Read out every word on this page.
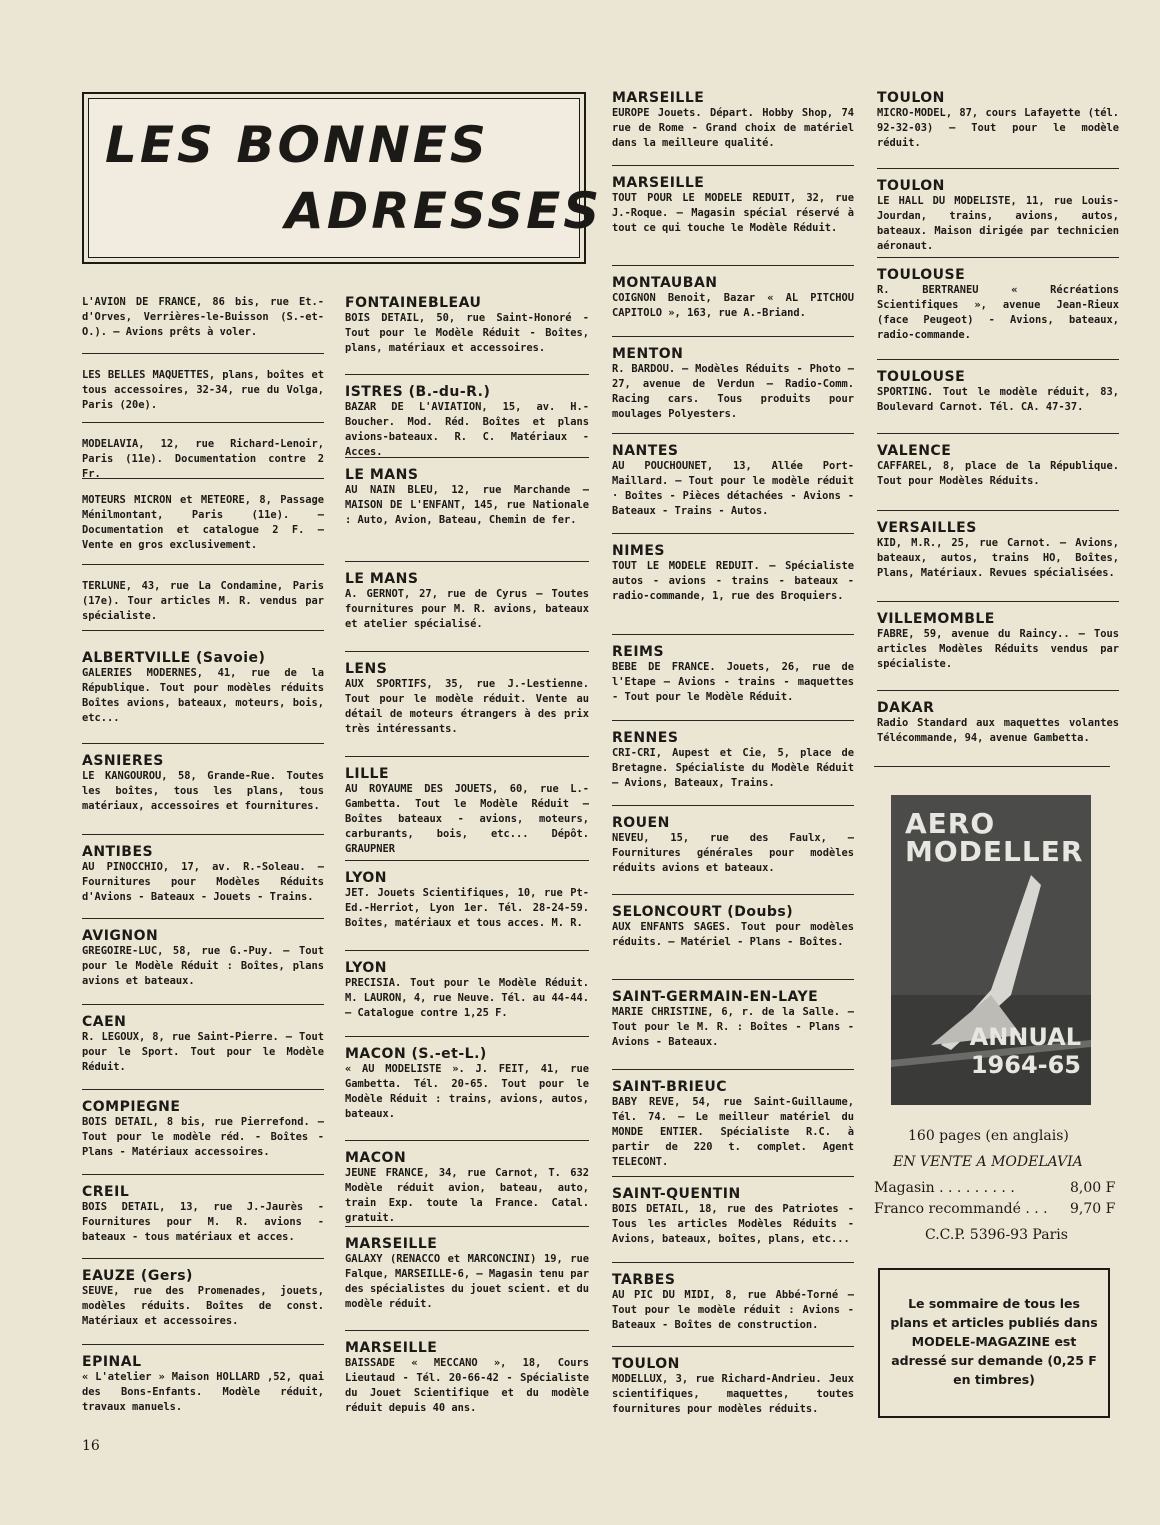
LES BONNES
ADRESSES
L'AVION DE FRANCE, 86 bis, rue Et.-d'Orves, Verrières-le-Buisson (S.-et-O.). — Avions prêts à voler.
LES BELLES MAQUETTES, plans, boîtes et tous accessoires, 32-34, rue du Volga, Paris (20e).
MODELAVIA, 12, rue Richard-Lenoir, Paris (11e). Documentation contre 2 Fr.
MOTEURS MICRON et METEORE, 8, Passage Ménilmontant, Paris (11e). — Documentation et catalogue 2 F. — Vente en gros exclusivement.
TERLUNE, 43, rue La Condamine, Paris (17e). Tour articles M. R. vendus par spécialiste.
ALBERTVILLE (Savoie)
GALERIES MODERNES, 41, rue de la République. Tout pour modèles réduits Boîtes avions, bateaux, moteurs, bois, etc...
ASNIERES
LE KANGOUROU, 58, Grande-Rue. Toutes les boîtes, tous les plans, tous matériaux, accessoires et fournitures.
ANTIBES
AU PINOCCHIO, 17, av. R.-Soleau. — Fournitures pour Modèles Réduits d'Avions - Bateaux - Jouets - Trains.
AVIGNON
GREGOIRE-LUC, 58, rue G.-Puy. — Tout pour le Modèle Réduit : Boîtes, plans avions et bateaux.
CAEN
R. LEGOUX, 8, rue Saint-Pierre. — Tout pour le Sport. Tout pour le Modèle Réduit.
COMPIEGNE
BOIS DETAIL, 8 bis, rue Pierrefond. — Tout pour le modèle réd. - Boîtes - Plans - Matériaux accessoires.
CREIL
BOIS DETAIL, 13, rue J.-Jaurès - Fournitures pour M. R. avions - bateaux - tous matériaux et acces.
EAUZE (Gers)
SEUVE, rue des Promenades, jouets, modèles réduits. Boîtes de const. Matériaux et accessoires.
EPINAL
« L'atelier » Maison HOLLARD ,52, quai des Bons-Enfants. Modèle réduit, travaux manuels.
FONTAINEBLEAU
BOIS DETAIL, 50, rue Saint-Honoré - Tout pour le Modèle Réduit - Boîtes, plans, matériaux et accessoires.
ISTRES (B.-du-R.)
BAZAR DE L'AVIATION, 15, av. H.-Boucher. Mod. Réd. Boîtes et plans avions-bateaux. R. C. Matériaux - Acces.
LE MANS
AU NAIN BLEU, 12, rue Marchande — MAISON DE L'ENFANT, 145, rue Nationale : Auto, Avion, Bateau, Chemin de fer.
LE MANS
A. GERNOT, 27, rue de Cyrus — Toutes fournitures pour M. R. avions, bateaux et atelier spécialisé.
LENS
AUX SPORTIFS, 35, rue J.-Lestienne. Tout pour le modèle réduit. Vente au détail de moteurs étrangers à des prix très intéressants.
LILLE
AU ROYAUME DES JOUETS, 60, rue L.-Gambetta. Tout le Modèle Réduit — Boîtes bateaux - avions, moteurs, carburants, bois, etc... Dépôt. GRAUPNER
LYON
JET. Jouets Scientifiques, 10, rue Pt-Ed.-Herriot, Lyon 1er. Tél. 28-24-59. Boîtes, matériaux et tous acces. M. R.
LYON
PRECISIA. Tout pour le Modèle Réduit. M. LAURON, 4, rue Neuve. Tél. au 44-44. — Catalogue contre 1,25 F.
MACON (S.-et-L.)
« AU MODELISTE ». J. FEIT, 41, rue Gambetta. Tél. 20-65. Tout pour le Modèle Réduit : trains, avions, autos, bateaux.
MACON
JEUNE FRANCE, 34, rue Carnot, T. 632 Modèle réduit avion, bateau, auto, train Exp. toute la France. Catal. gratuit.
MARSEILLE
GALAXY (RENACCO et MARCONCINI) 19, rue Falque, MARSEILLE-6, — Magasin tenu par des spécialistes du jouet scient. et du modèle réduit.
MARSEILLE
BAISSADE « MECCANO », 18, Cours Lieutaud - Tél. 20-66-42 - Spécialiste du Jouet Scientifique et du modèle réduit depuis 40 ans.
MARSEILLE
EUROPE Jouets. Départ. Hobby Shop, 74 rue de Rome - Grand choix de matériel dans la meilleure qualité.
MARSEILLE
TOUT POUR LE MODELE REDUIT, 32, rue J.-Roque. — Magasin spécial réservé à tout ce qui touche le Modèle Réduit.
MONTAUBAN
COIGNON Benoit, Bazar « AL PITCHOU CAPITOLO », 163, rue A.-Briand.
MENTON
R. BARDOU. — Modèles Réduits - Photo — 27, avenue de Verdun — Radio-Comm. Racing cars. Tous produits pour moulages Polyesters.
NANTES
AU POUCHOUNET, 13, Allée Port-Maillard. — Tout pour le modèle réduit · Boîtes - Pièces détachées - Avions - Bateaux - Trains - Autos.
NIMES
TOUT LE MODELE REDUIT. — Spécialiste autos - avions - trains - bateaux - radio-commande, 1, rue des Broquiers.
REIMS
BEBE DE FRANCE. Jouets, 26, rue de l'Etape — Avions - trains - maquettes - Tout pour le Modèle Réduit.
RENNES
CRI-CRI, Aupest et Cie, 5, place de Bretagne. Spécialiste du Modèle Réduit — Avions, Bateaux, Trains.
ROUEN
NEVEU, 15, rue des Faulx, — Fournitures générales pour modèles réduits avions et bateaux.
SELONCOURT (Doubs)
AUX ENFANTS SAGES. Tout pour modèles réduits. — Matériel - Plans - Boîtes.
SAINT-GERMAIN-EN-LAYE
MARIE CHRISTINE, 6, r. de la Salle. — Tout pour le M. R. : Boîtes - Plans - Avions - Bateaux.
SAINT-BRIEUC
BABY REVE, 54, rue Saint-Guillaume, Tél. 74. — Le meilleur matériel du MONDE ENTIER. Spécialiste R.C. à partir de 220 t. complet. Agent TELECONT.
SAINT-QUENTIN
BOIS DETAIL, 18, rue des Patriotes - Tous les articles Modèles Réduits - Avions, bateaux, boîtes, plans, etc...
TARBES
AU PIC DU MIDI, 8, rue Abbé-Torné — Tout pour le modèle réduit : Avions - Bateaux - Boîtes de construction.
TOULON
MODELLUX, 3, rue Richard-Andrieu. Jeux scientifiques, maquettes, toutes fournitures pour modèles réduits.
TOULON
MICRO-MODEL, 87, cours Lafayette (tél. 92-32-03) — Tout pour le modèle réduit.
TOULON
LE HALL DU MODELISTE, 11, rue Louis-Jourdan, trains, avions, autos, bateaux. Maison dirigée par technicien aéronaut.
TOULOUSE
R. BERTRANEU « Récréations Scientifiques », avenue Jean-Rieux (face Peugeot) - Avions, bateaux, radio-commande.
TOULOUSE
SPORTING. Tout le modèle réduit, 83, Boulevard Carnot. Tél. CA. 47-37.
VALENCE
CAFFAREL, 8, place de la République. Tout pour Modèles Réduits.
VERSAILLES
KID, M.R., 25, rue Carnot. — Avions, bateaux, autos, trains HO, Boîtes, Plans, Matériaux. Revues spécialisées.
VILLEMOMBLE
FABRE, 59, avenue du Raincy.. — Tous articles Modèles Réduits vendus par spécialiste.
DAKAR
Radio Standard aux maquettes volantes Télécommande, 94, avenue Gambetta.
AERO
MODELLER
ANNUAL
1964-65
160 pages (en anglais)
EN VENTE A MODELAVIA
Magasin . . . . . . . . .	8,00 F
Franco recommandé . . . 9,70 F
C.C.P. 5396-93 Paris
Le sommaire de tous les plans et articles publiés dans MODELE-MAGAZINE est adressé sur demande (0,25 F en timbres)
16
